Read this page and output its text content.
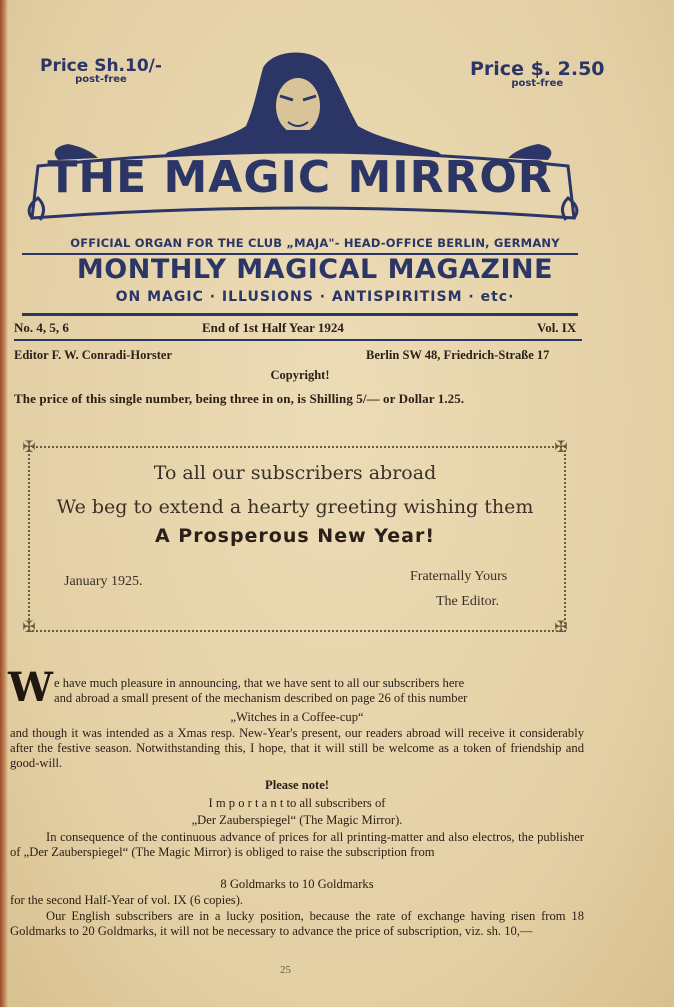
Price Sh.10/-
post-free	Price $. 2.50
post-free
THE MAGIC MIRROR
OFFICIAL ORGAN FOR THE CLUB „MAJA"- HEAD-OFFICE BERLIN, GERMANY
MONTHLY MAGICAL MAGAZINE
ON MAGIC · ILLUSIONS · ANTISPIRITISM · etc·
No. 4, 5, 6	End of 1st Half Year 1924	Vol. IX
Editor F. W. Conradi-Horster	Berlin SW 48, Friedrich-Straße 17
Copyright!
The price of this single number, being three in on, is Shilling 5/— or Dollar 1.25.
✠	✠
✠	✠
To all our subscribers abroad
We beg to extend a hearty greeting wishing them
A Prosperous New Year!
January 1925.	Fraternally Yours
The Editor.
W e have much pleasure in announcing, that we have sent to all our subscribers here
and abroad a small present of the mechanism described on page 26 of this number
„Witches in a Coffee-cup“
and though it was intended as a Xmas resp. New-Year's present, our readers abroad will receive it considerably after the festive season. Notwithstanding this, I hope, that it will still be welcome as a token of friendship and good-will.
Please note!
I m p o r t a n t to all subscribers of
„Der Zauberspiegel“ (The Magic Mirror).
In consequence of the continuous advance of prices for all printing-matter and also electros, the publisher of „Der Zauberspiegel“ (The Magic Mirror) is obliged to raise the subscription from
8 Goldmarks to 10 Goldmarks
for the second Half-Year of vol. IX (6 copies).
Our English subscribers are in a lucky position, because the rate of exchange having risen from 18 Goldmarks to 20 Goldmarks, it will not be necessary to advance the price of subscription, viz. sh. 10,—
25
